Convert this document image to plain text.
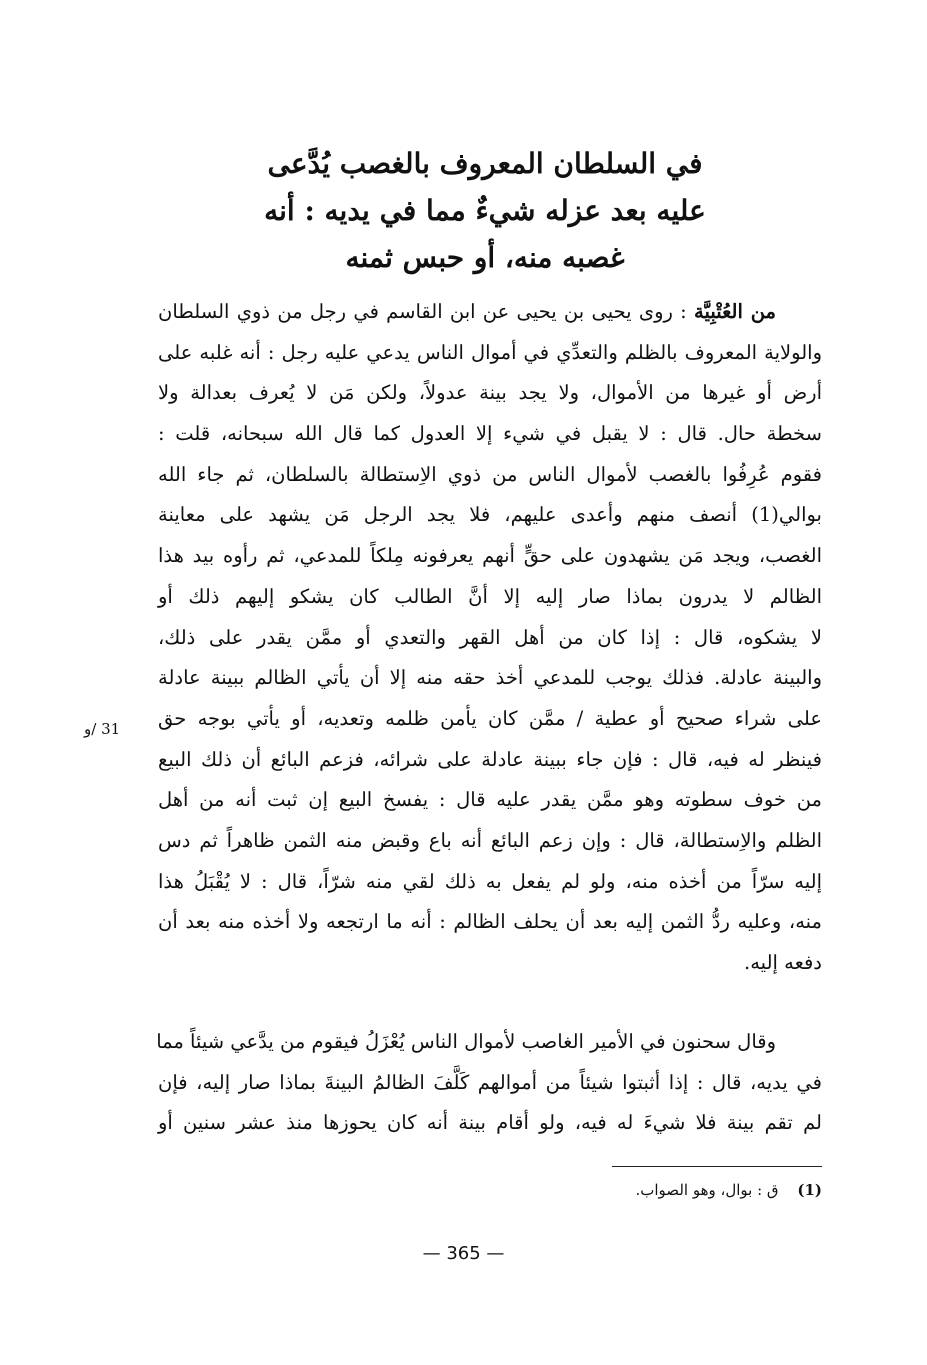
في السلطان المعروف بالغصب يُدَّعى
عليه بعد عزله شيءٌ مما في يديه : أنه
غصبه منه، أو حبس ثمنه
من العُتْبِيَّة : روى يحيى بن يحيى عن ابن القاسم في رجل من ذوي السلطان
والولاية المعروف بالظلم والتعدِّي في أموال الناس يدعي عليه رجل : أنه غلبه على
أرض أو غيرها من الأموال، ولا يجد بينة عدولاً، ولكن مَن لا يُعرف بعدالة ولا
سخطة حال. قال : لا يقبل في شيء إلا العدول كما قال الله سبحانه، قلت :
فقوم عُرِفُوا بالغصب لأموال الناس من ذوي الاِستطالة بالسلطان، ثم جاء الله
بوالي(1) أنصف منهم وأعدى عليهم، فلا يجد الرجل مَن يشهد على معاينة
الغصب، ويجد مَن يشهدون على حقٍّ أنهم يعرفونه مِلكاً للمدعي، ثم رأوه بيد هذا
الظالم لا يدرون بماذا صار إليه إلا أنَّ الطالب كان يشكو إليهم ذلك أو
لا يشكوه، قال : إذا كان من أهل القهر والتعدي أو ممَّن يقدر على ذلك،
والبينة عادلة. فذلك يوجب للمدعي أخذ حقه منه إلا أن يأتي الظالم ببينة عادلة
على شراء صحيح أو عطية / ممَّن كان يأمن ظلمه وتعديه، أو يأتي بوجه حق
فينظر له فيه، قال : فإن جاء ببينة عادلة على شرائه، فزعم البائع أن ذلك البيع
من خوف سطوته وهو ممَّن يقدر عليه قال : يفسخ البيع إن ثبت أنه من أهل
الظلم والاِستطالة، قال : وإن زعم البائع أنه باع وقبض منه الثمن ظاهراً ثم دس
إليه سرّاً من أخذه منه، ولو لم يفعل به ذلك لقي منه شرّاً، قال : لا يُقْبَلُ هذا
منه، وعليه ردُّ الثمن إليه بعد أن يحلف الظالم : أنه ما ارتجعه ولا أخذه منه بعد أن
دفعه إليه.
31 /و
وقال سحنون في الأمير الغاصب لأموال الناس يُعْزَلُ فيقوم من يدَّعي شيئاً مما
في يديه، قال : إذا أثبتوا شيئاً من أموالهم كَلَّفَ الظالمُ البينةَ بماذا صار إليه، فإن
لم تقم بينة فلا شيءَ له فيه، ولو أقام بينة أنه كان يحوزها منذ عشر سنين أو
(1) ق : بوال، وهو الصواب.
— 365 —
